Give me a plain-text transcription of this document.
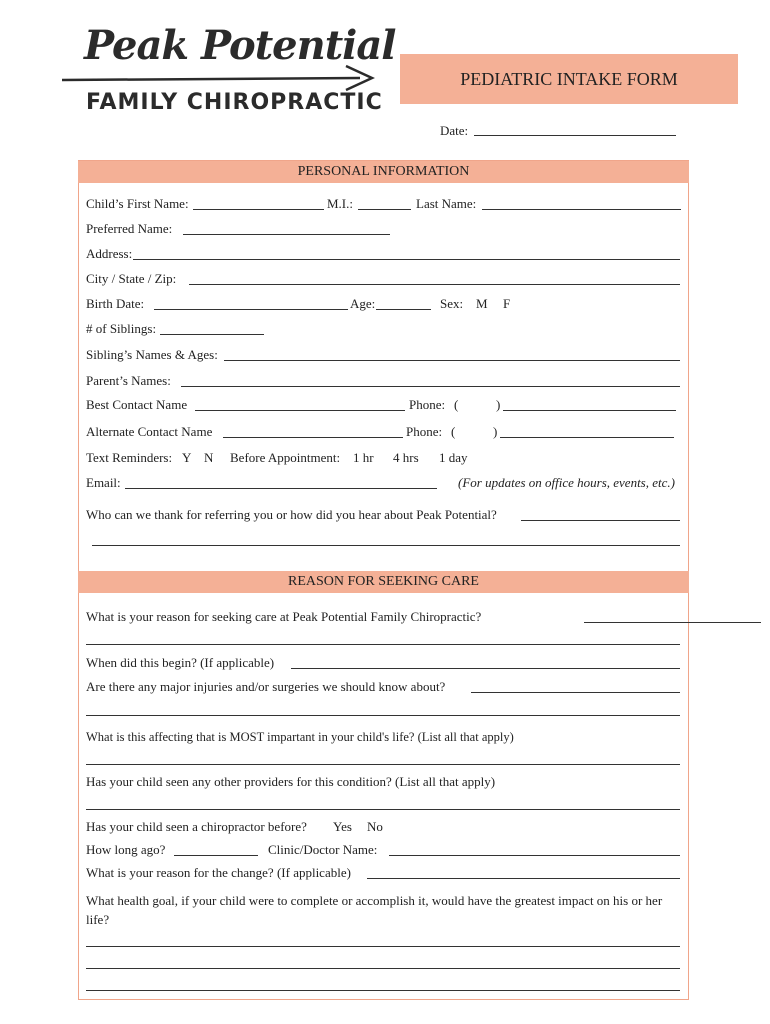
Peak Potential
FAMILY CHIROPRACTIC
PEDIATRIC INTAKE FORM
Date:
PERSONAL INFORMATION
Child’s First Name:	M.I.:	Last Name:
Preferred Name:
Address:
City / State / Zip:
Birth Date:	Age:	Sex: M F
# of Siblings:
Sibling’s Names & Ages:
Parent’s Names:
Best Contact Name	Phone: (	)
Alternate Contact Name	Phone: (	)
Text Reminders: Y N Before Appointment: 1 hr 4 hrs 1 day
Email:	(For updates on office hours, events, etc.)
Who can we thank for referring you or how did you hear about Peak Potential?
REASON FOR SEEKING CARE
What is your reason for seeking care at Peak Potential Family Chiropractic?
When did this begin? (If applicable)
Are there any major injuries and/or surgeries we should know about?
What is this affecting that is MOST impartant in your child's life? (List all that apply)
Has your child seen any other providers for this condition? (List all that apply)
Has your child seen a chiropractor before? Yes No
How long ago?	Clinic/Doctor Name:
What is your reason for the change? (If applicable)
What health goal, if your child were to complete or accomplish it, would have the greatest impact on his or her life?
